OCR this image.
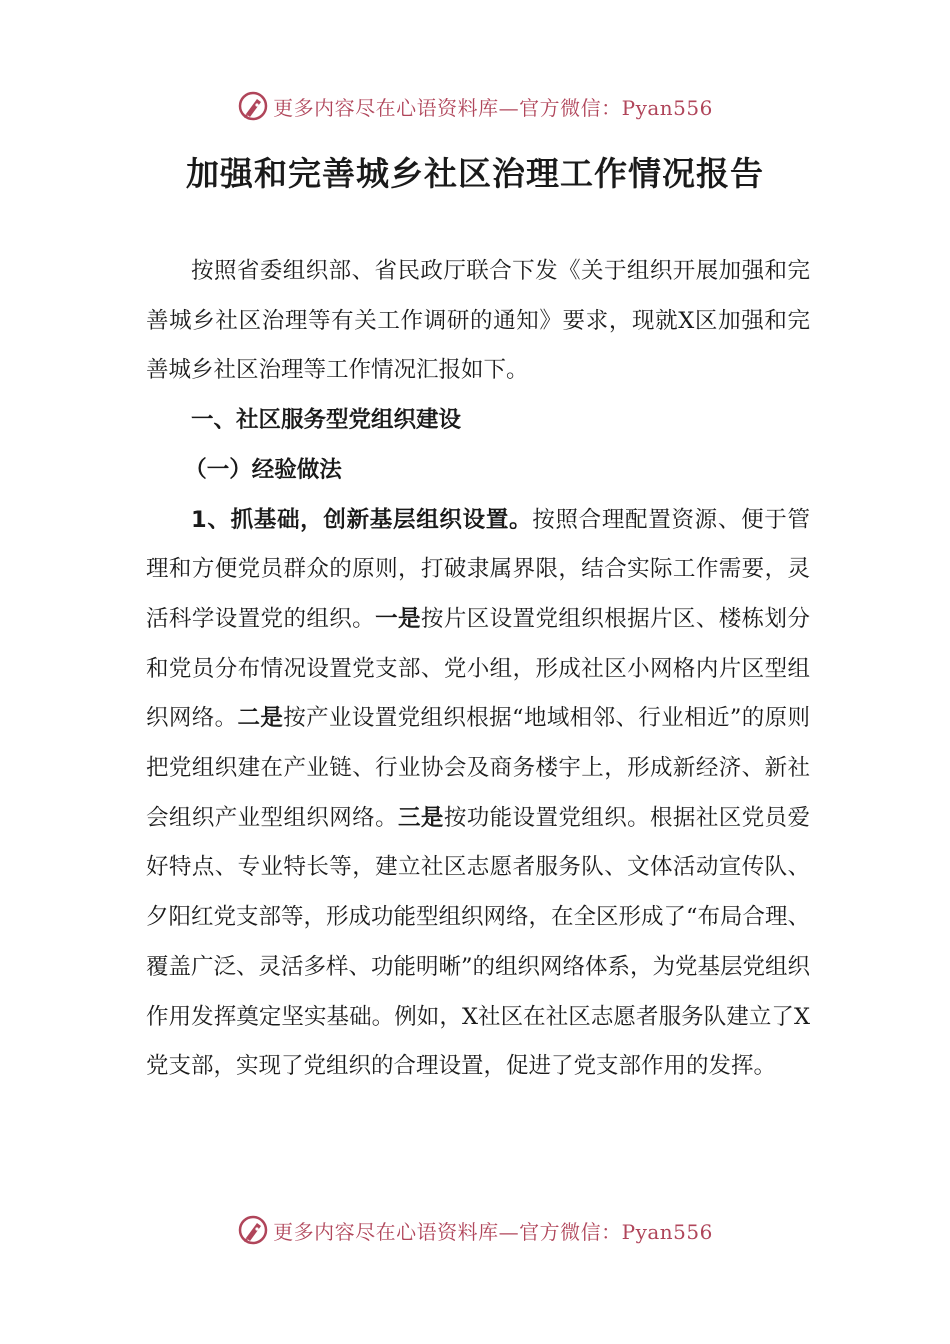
更多内容尽在心语资料库—官方微信：Pyan556
加强和完善城乡社区治理工作情况报告

按照省委组织部、省民政厅联合下发《关于组织开展加强和完善城乡社区治理等有关工作调研的通知》要求，现就X区加强和完善城乡社区治理等工作情况汇报如下。

一、社区服务型党组织建设

（一）经验做法

1、抓基础，创新基层组织设置。按照合理配置资源、便于管理和方便党员群众的原则，打破隶属界限，结合实际工作需要，灵活科学设置党的组织。一是按片区设置党组织根据片区、楼栋划分和党员分布情况设置党支部、党小组，形成社区小网格内片区型组织网络。二是按产业设置党组织根据“地域相邻、行业相近”的原则把党组织建在产业链、行业协会及商务楼宇上，形成新经济、新社会组织产业型组织网络。三是按功能设置党组织。根据社区党员爱好特点、专业特长等，建立社区志愿者服务队、文体活动宣传队、夕阳红党支部等，形成功能型组织网络，在全区形成了“布局合理、覆盖广泛、灵活多样、功能明晰”的组织网络体系，为党基层党组织作用发挥奠定坚实基础。例如，X社区在社区志愿者服务队建立了X党支部，实现了党组织的合理设置，促进了党支部作用的发挥。

更多内容尽在心语资料库—官方微信：Pyan556
